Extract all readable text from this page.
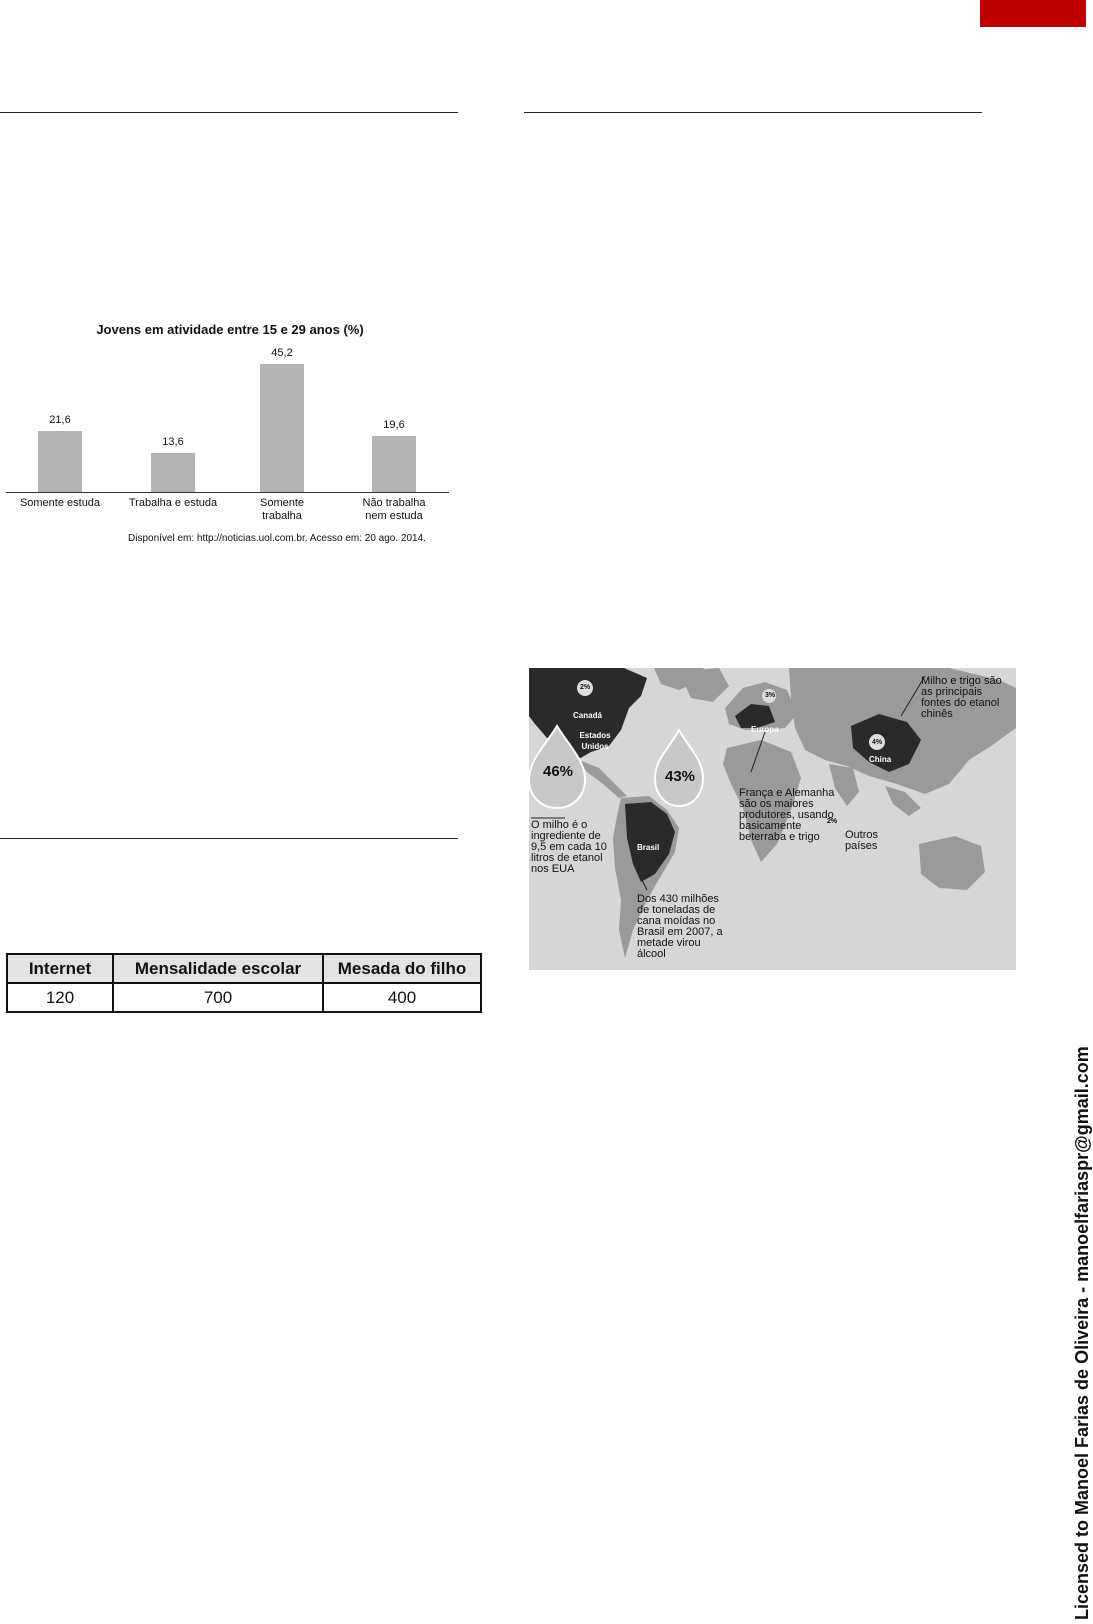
Jovens em atividade entre 15 e 29 anos (%)
21,6
Somente estuda
13,6
Trabalha e estuda
45,2
Somente
trabalha
19,6
Não trabalha
nem estuda
Disponível em: http://noticias.uol.com.br. Acesso em: 20 ago. 2014.
Internet	Mensalidade escolar	Mesada do filho
120	700	400
2%
Canadá
Estados Unidos
46%	43%
Brasil
3%
Europa
4%
China
2%
Milho e trigo são as principais fontes do etanol chinês
França e Alemanha são os maiores produtores, usando basicamente beterraba e trigo	Outros países
O milho é o ingrediente de 9,5 em cada 10 litros de etanol nos EUA
Dos 430 milhões de toneladas de cana moídas no Brasil em 2007, a metade virou álcool
Licensed to Manoel Farias de Oliveira - manoelfariaspr@gmail.com
